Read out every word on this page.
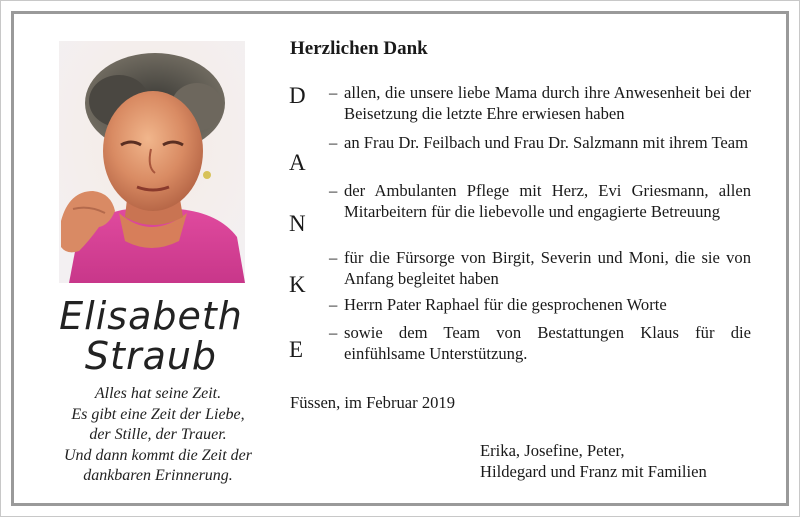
Elisabeth
Straub
Alles hat seine Zeit.
Es gibt eine Zeit der Liebe,
der Stille, der Trauer.
Und dann kommt die Zeit der
dankbaren Erinnerung.
Herzlichen Dank
D
A
N
K
E
– allen, die unsere liebe Mama durch ihre Anwesenheit bei der Beisetzung die letzte Ehre erwiesen haben
– an Frau Dr. Feilbach und Frau Dr. Salzmann mit ihrem Team
– der Ambulanten Pflege mit Herz, Evi Griesmann, allen Mitarbeitern für die liebevolle und engagierte Betreuung
– für die Fürsorge von Birgit, Severin und Moni, die sie von Anfang begleitet haben
– Herrn Pater Raphael für die gesprochenen Worte
– sowie dem Team von Bestattungen Klaus für die einfühlsame Unterstützung.
Füssen, im Februar 2019
Erika, Josefine, Peter,
Hildegard und Franz mit Familien
